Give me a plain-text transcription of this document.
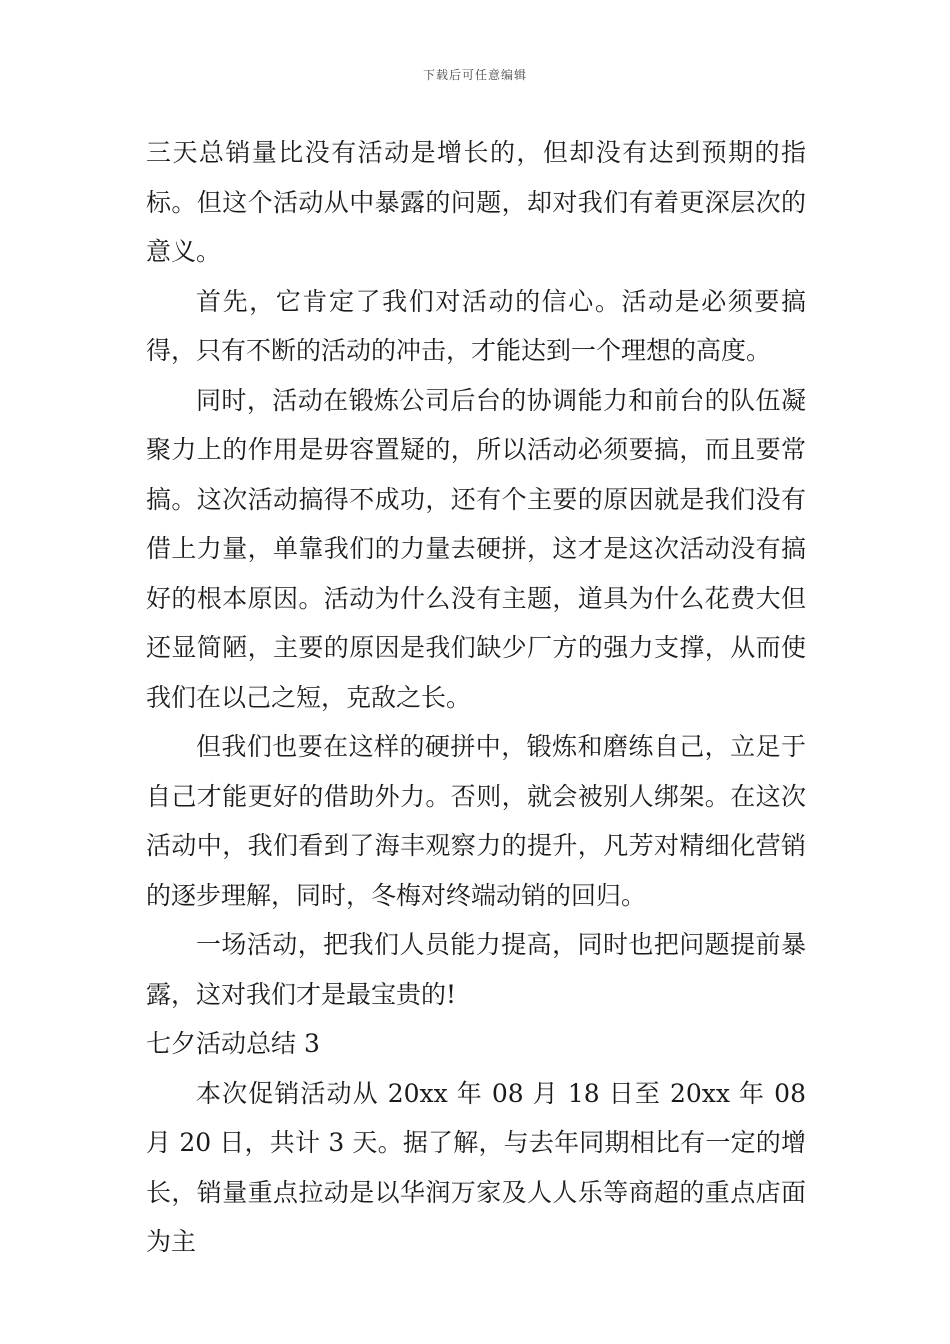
下载后可任意编辑

三天总销量比没有活动是增长的，但却没有达到预期的指标。但这个活动从中暴露的问题，却对我们有着更深层次的意义。

首先，它肯定了我们对活动的信心。活动是必须要搞得，只有不断的活动的冲击，才能达到一个理想的高度。

同时，活动在锻炼公司后台的协调能力和前台的队伍凝聚力上的作用是毋容置疑的，所以活动必须要搞，而且要常搞。这次活动搞得不成功，还有个主要的原因就是我们没有借上力量，单靠我们的力量去硬拼，这才是这次活动没有搞好的根本原因。活动为什么没有主题，道具为什么花费大但还显简陋，主要的原因是我们缺少厂方的强力支撑，从而使我们在以己之短，克敌之长。

但我们也要在这样的硬拼中，锻炼和磨练自己，立足于自己才能更好的借助外力。否则，就会被别人绑架。在这次活动中，我们看到了海丰观察力的提升，凡芳对精细化营销的逐步理解，同时，冬梅对终端动销的回归。

一场活动，把我们人员能力提高，同时也把问题提前暴露，这对我们才是最宝贵的!

七夕活动总结 3

本次促销活动从 20xx 年 08 月 18 日至 20xx 年 08 月 20 日，共计 3 天。据了解，与去年同期相比有一定的增长，销量重点拉动是以华润万家及人人乐等商超的重点店面为主
